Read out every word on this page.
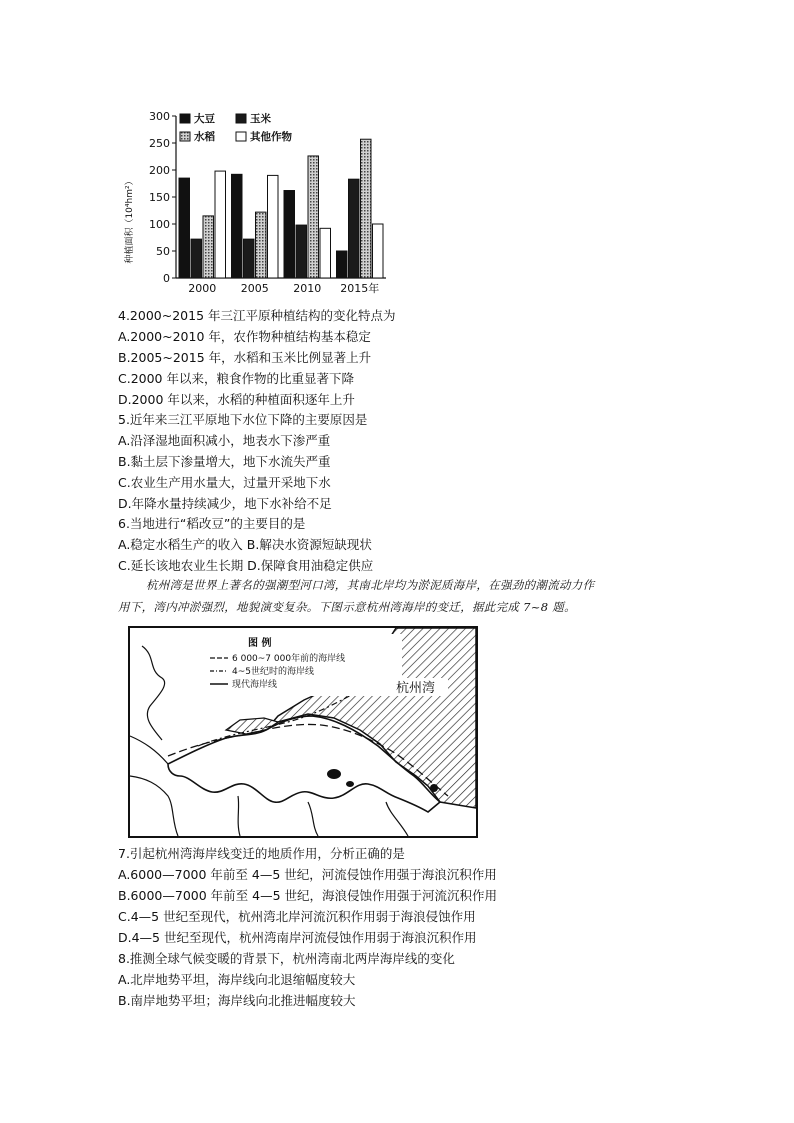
种植面积（10⁴hm²）
0
50
100
150
200
250
300
2000 2005 2010 2015年
大豆	玉米
水稻	其他作物
4.2000~2015 年三江平原种植结构的变化特点为
A.2000~2010 年，农作物种植结构基本稳定
B.2005~2015 年，水稻和玉米比例显著上升
C.2000 年以来，粮食作物的比重显著下降
D.2000 年以来，水稻的种植面积逐年上升
5.近年来三江平原地下水位下降的主要原因是
A.沿泽湿地面积减小，地表水下渗严重
B.黏土层下渗量增大，地下水流失严重
C.农业生产用水量大，过量开采地下水
D.年降水量持续减少，地下水补给不足
6.当地进行“稻改豆”的主要目的是
A.稳定水稻生产的收入 B.解决水资源短缺现状
C.延长该地农业生长期 D.保障食用油稳定供应

杭州湾是世界上著名的强潮型河口湾，其南北岸均为淤泥质海岸，在强劲的潮流动力作

用下，湾内冲淤强烈，地貌演变复杂。下图示意杭州湾海岸的变迁，据此完成 7~8 题。

图 例
6 000~7 000年前的海岸线
4~5世纪时的海岸线
现代海岸线	杭州湾
7.引起杭州湾海岸线变迁的地质作用，分析正确的是
A.6000—7000 年前至 4—5 世纪，河流侵蚀作用强于海浪沉积作用
B.6000—7000 年前至 4—5 世纪，海浪侵蚀作用强于河流沉积作用
C.4—5 世纪至现代，杭州湾北岸河流沉积作用弱于海浪侵蚀作用
D.4—5 世纪至现代，杭州湾南岸河流侵蚀作用弱于海浪沉积作用
8.推测全球气候变暖的背景下，杭州湾南北两岸海岸线的变化
A.北岸地势平坦，海岸线向北退缩幅度较大
B.南岸地势平坦；海岸线向北推进幅度较大
